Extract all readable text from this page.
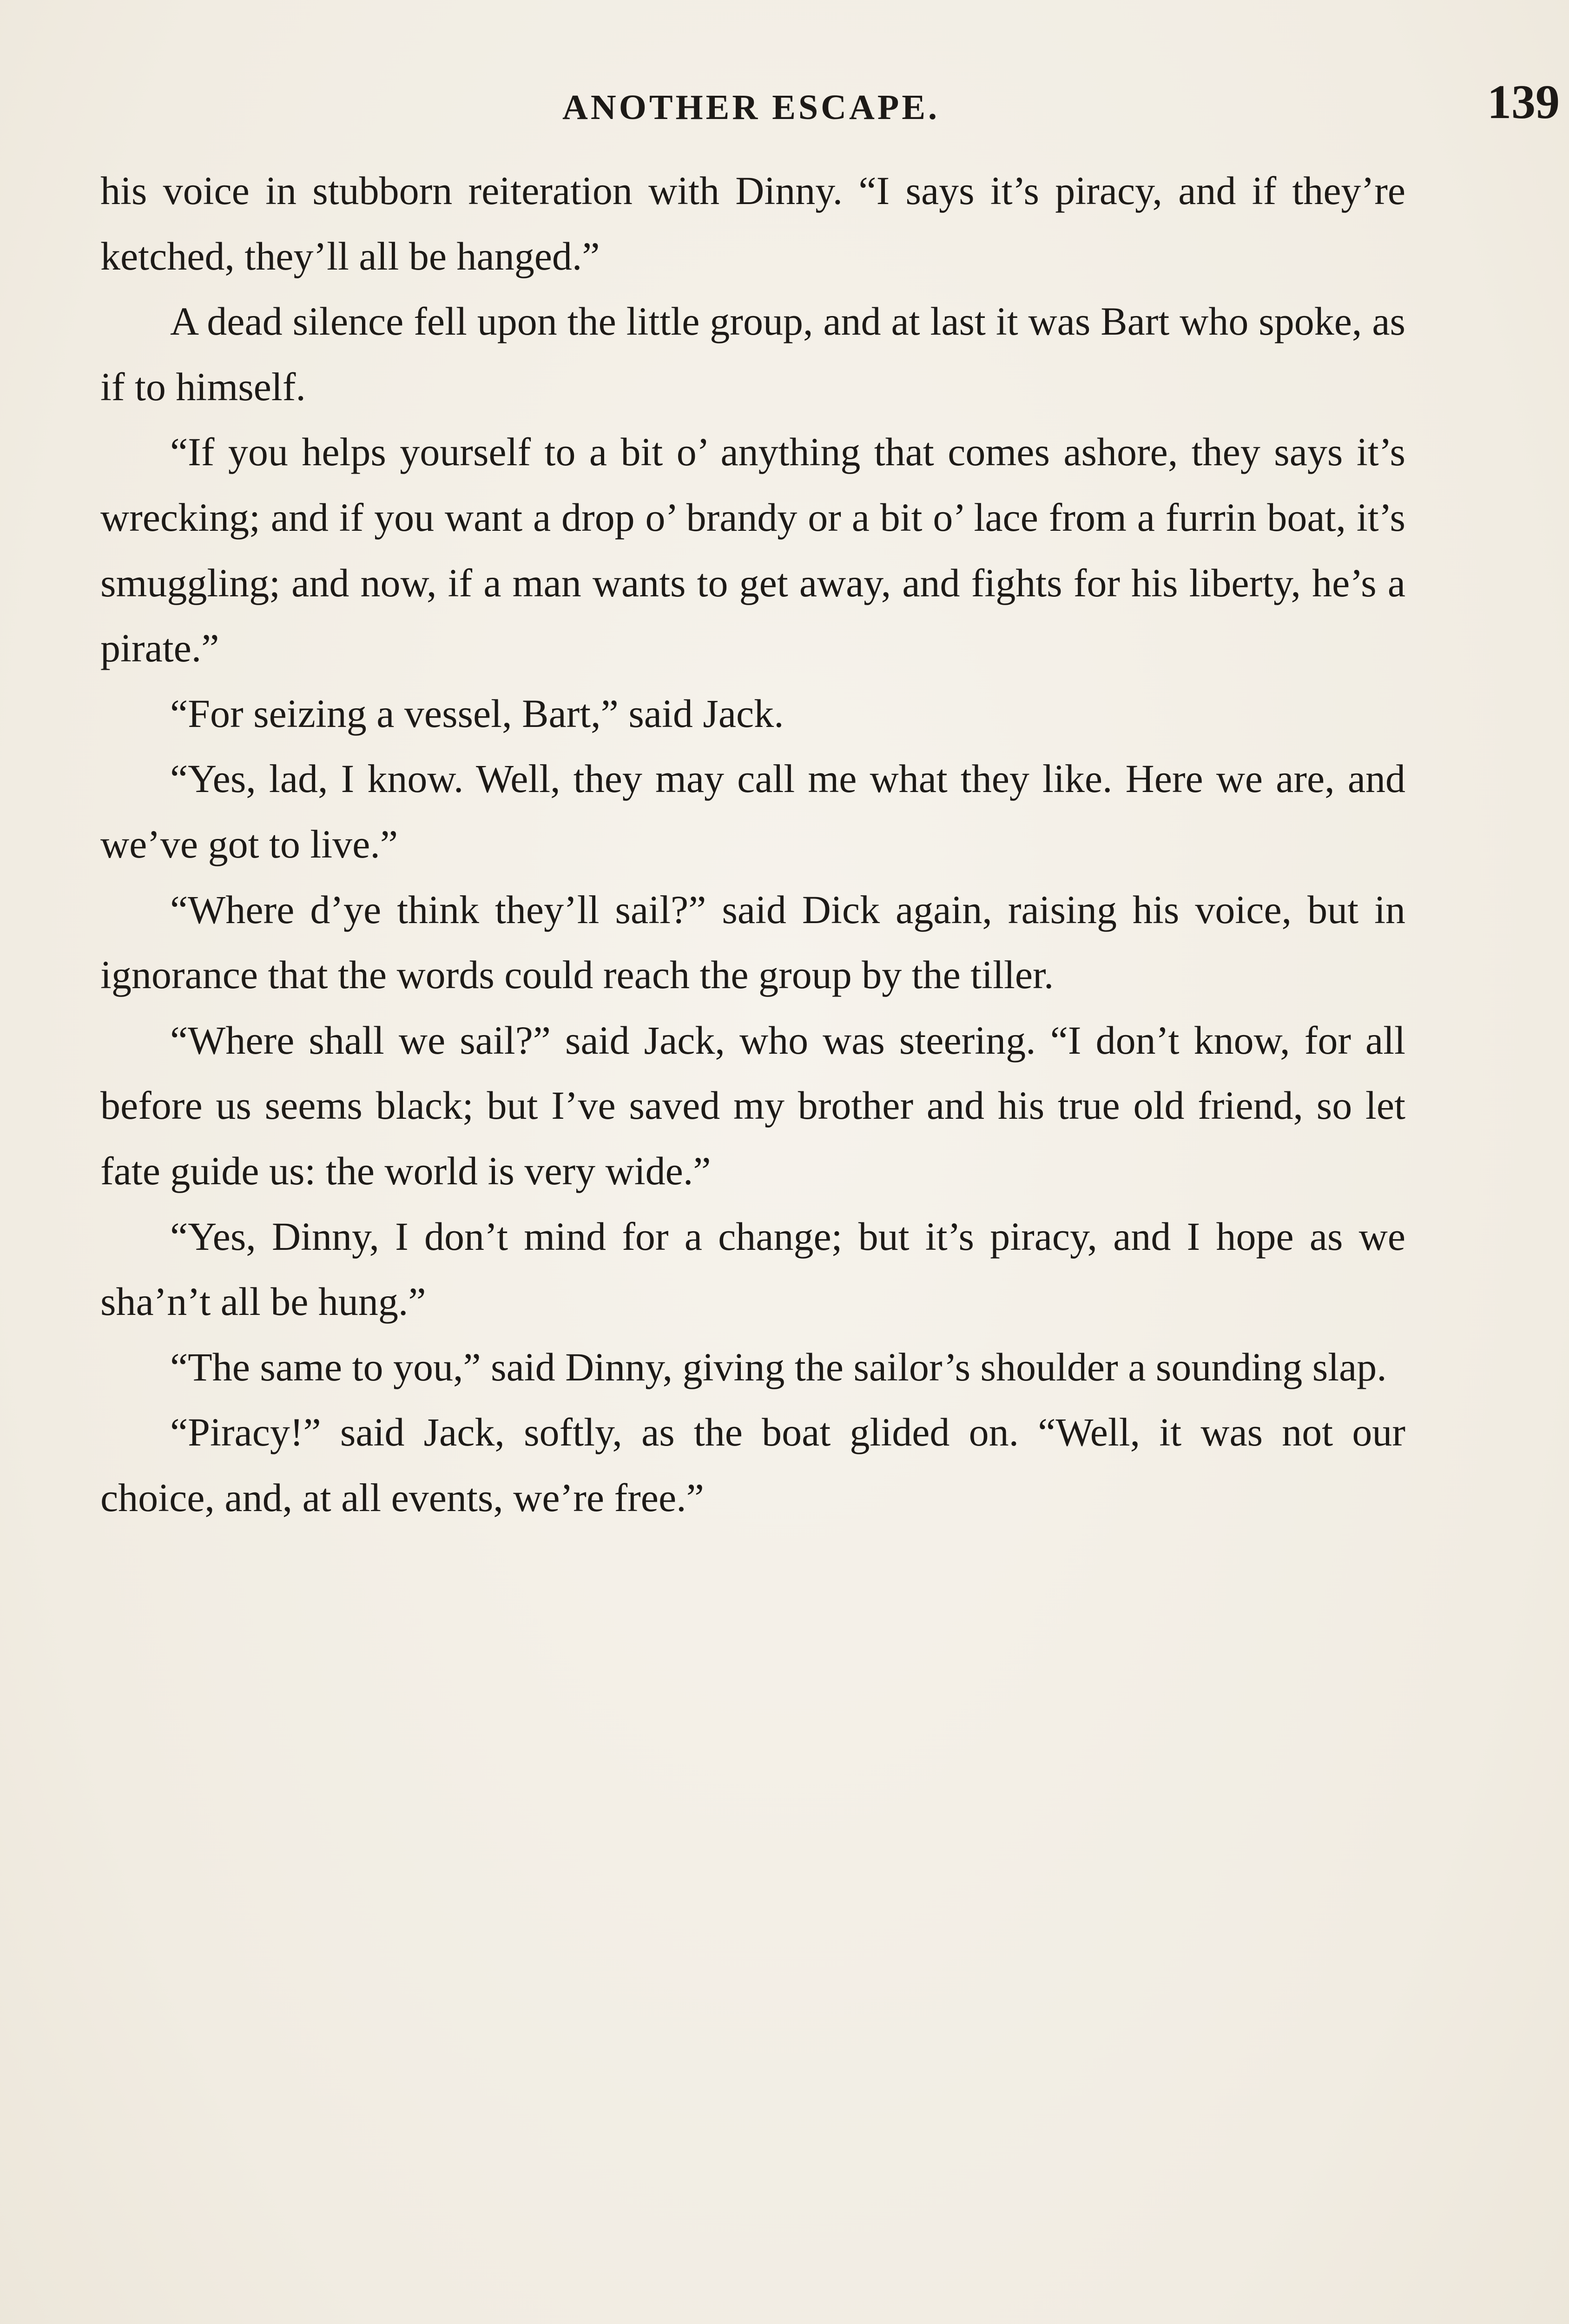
ANOTHER ESCAPE.	139

his voice in stubborn reiteration with Dinny. “I says it’s piracy, and if they’re ketched, they’ll all be hanged.”

A dead silence fell upon the little group, and at last it was Bart who spoke, as if to himself.

“If you helps yourself to a bit o’ anything that comes ashore, they says it’s wrecking; and if you want a drop o’ brandy or a bit o’ lace from a furrin boat, it’s smuggling; and now, if a man wants to get away, and fights for his liberty, he’s a pirate.”

“For seizing a vessel, Bart,” said Jack.

“Yes, lad, I know. Well, they may call me what they like. Here we are, and we’ve got to live.”

“Where d’ye think they’ll sail?” said Dick again, raising his voice, but in ignorance that the words could reach the group by the tiller.

“Where shall we sail?” said Jack, who was steering. “I don’t know, for all before us seems black; but I’ve saved my brother and his true old friend, so let fate guide us: the world is very wide.”

“Yes, Dinny, I don’t mind for a change; but it’s piracy, and I hope as we sha’n’t all be hung.”

“The same to you,” said Dinny, giving the sailor’s shoulder a sounding slap.

“Piracy!” said Jack, softly, as the boat glided on. “Well, it was not our choice, and, at all events, we’re free.”
